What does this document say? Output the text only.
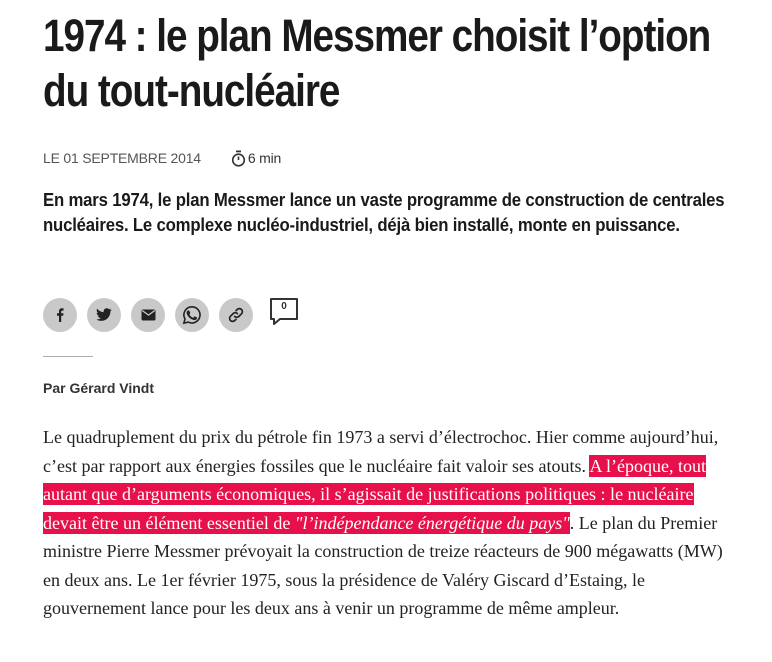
1974 : le plan Messmer choisit l’option du tout-nucléaire
LE 01 SEPTEMBRE 2014	6 min

En mars 1974, le plan Messmer lance un vaste programme de construction de centrales nucléaires. Le complexe nucléo-industriel, déjà bien installé, monte en puissance.

0
Par Gérard Vindt

Le quadruplement du prix du pétrole fin 1973 a servi d’électrochoc. Hier comme aujourd’hui, c’est par rapport aux énergies fossiles que le nucléaire fait valoir ses atouts. A l’époque, tout autant que d’arguments économiques, il s’agissait de justifications politiques : le nucléaire devait être un élément essentiel de "l’indépendance énergétique du pays". Le plan du Premier ministre Pierre Messmer prévoyait la construction de treize réacteurs de 900 mégawatts (MW) en deux ans. Le 1er février 1975, sous la présidence de Valéry Giscard d’Estaing, le gouvernement lance pour les deux ans à venir un programme de même ampleur.
